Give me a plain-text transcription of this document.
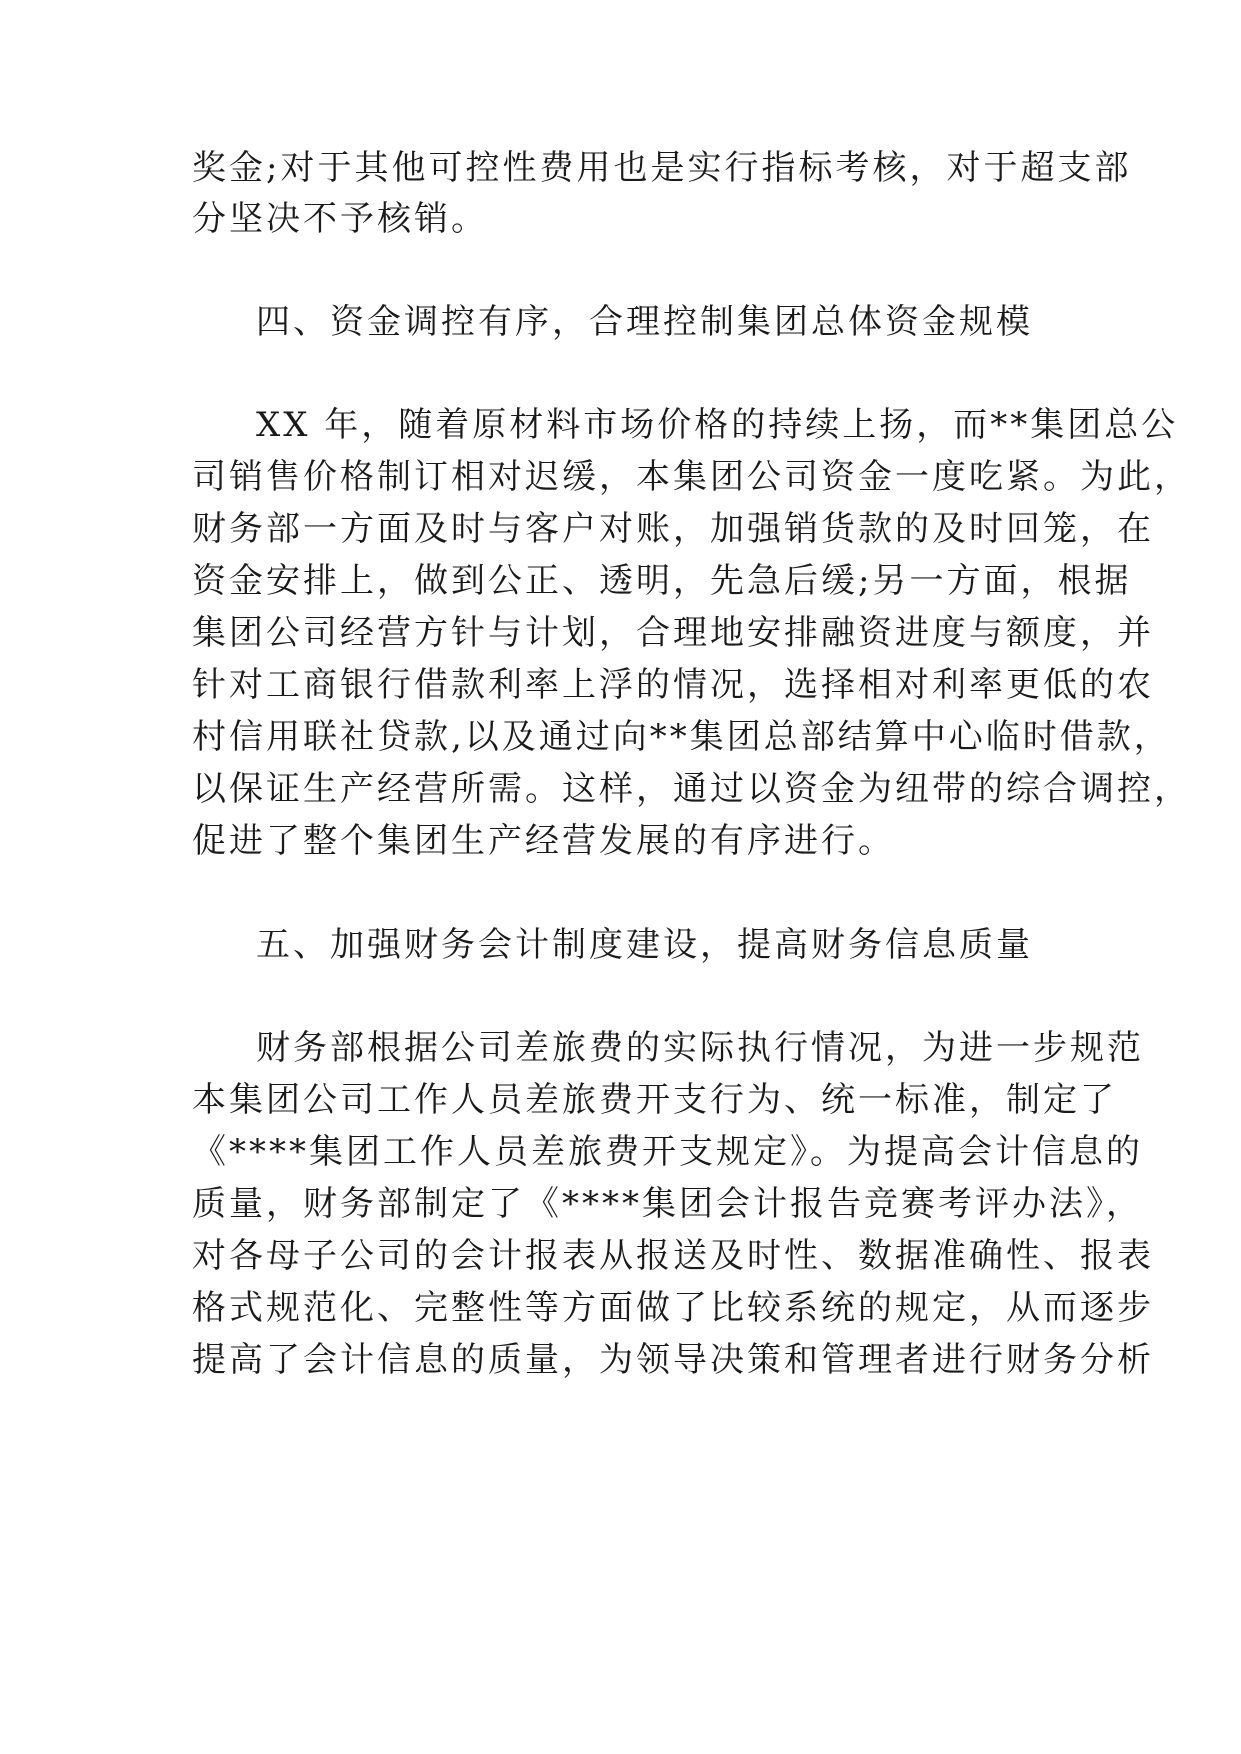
奖金;对于其他可控性费用也是实行指标考核，对于超支部
分坚决不予核销。
四、资金调控有序，合理控制集团总体资金规模
XX 年，随着原材料市场价格的持续上扬，而**集团总公
司销售价格制订相对迟缓，本集团公司资金一度吃紧。为此，
财务部一方面及时与客户对账，加强销货款的及时回笼，在
资金安排上，做到公正、透明，先急后缓;另一方面，根据
集团公司经营方针与计划，合理地安排融资进度与额度，并
针对工商银行借款利率上浮的情况，选择相对利率更低的农
村信用联社贷款,以及通过向**集团总部结算中心临时借款，
以保证生产经营所需。这样，通过以资金为纽带的综合调控，
促进了整个集团生产经营发展的有序进行。
五、加强财务会计制度建设，提高财务信息质量
财务部根据公司差旅费的实际执行情况，为进一步规范
本集团公司工作人员差旅费开支行为、统一标准，制定了
《****集团工作人员差旅费开支规定》。为提高会计信息的
质量，财务部制定了《****集团会计报告竞赛考评办法》，
对各母子公司的会计报表从报送及时性、数据准确性、报表
格式规范化、完整性等方面做了比较系统的规定，从而逐步
提高了会计信息的质量，为领导决策和管理者进行财务分析
